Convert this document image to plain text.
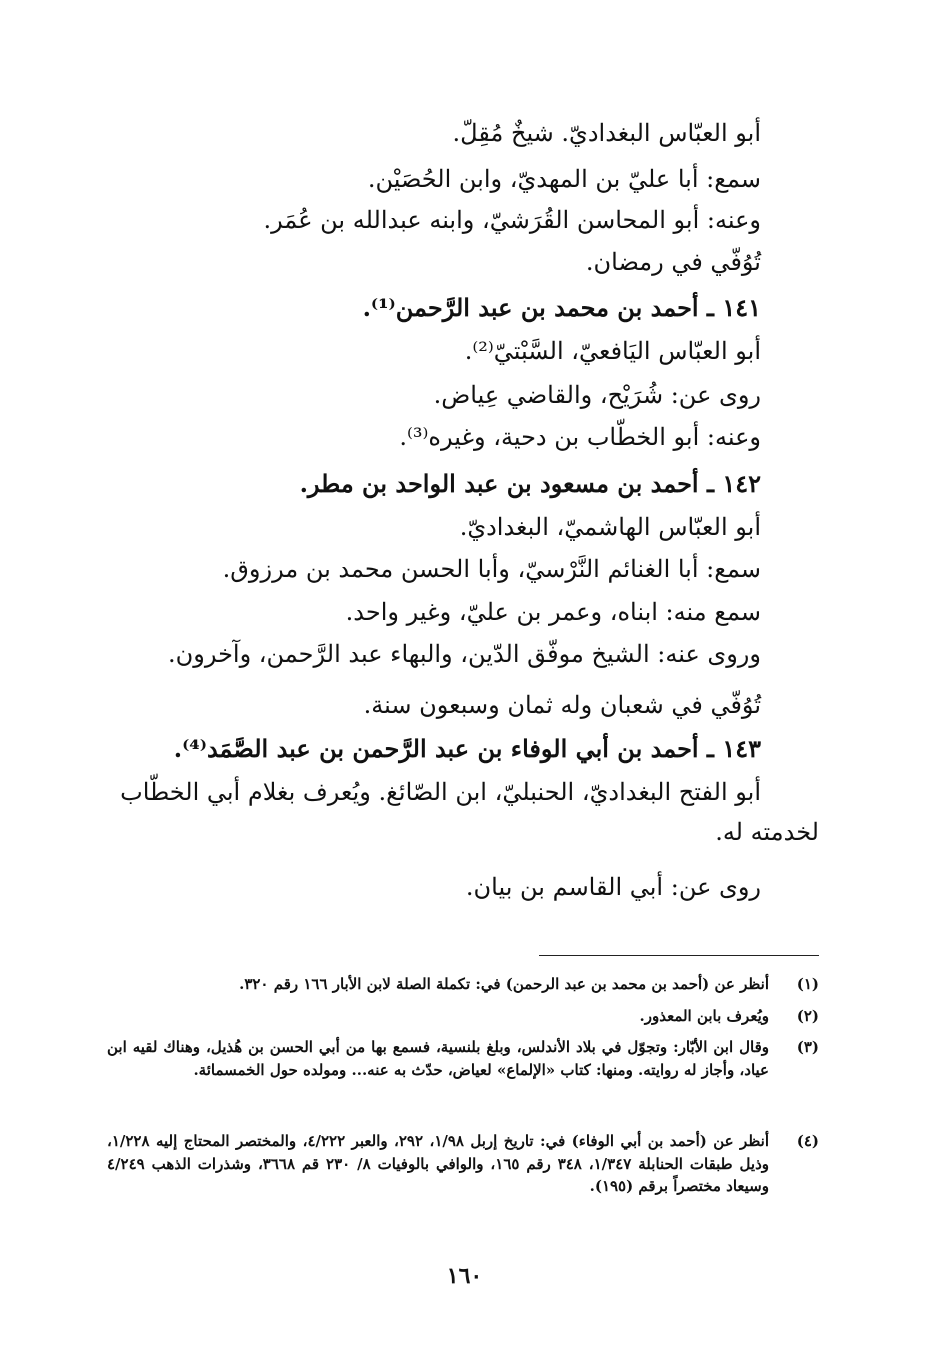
أبو العبّاس البغداديّ. شيخٌ مُقِلّ.
سمع: أبا عليّ بن المهديّ، وابن الحُصَيْن.
وعنه: أبو المحاسن القُرَشيّ، وابنه عبدالله بن عُمَر.
تُوُفّي في رمضان.
١٤١ ـ أحمد بن محمد بن عبد الرَّحمن⁽¹⁾.
أبو العبّاس اليَافعيّ، السَّبْتيّ⁽²⁾.
روى عن: شُرَيْح، والقاضي عِياض.
وعنه: أبو الخطّاب بن دحية، وغيره⁽³⁾.
١٤٢ ـ أحمد بن مسعود بن عبد الواحد بن مطر.
أبو العبّاس الهاشميّ، البغداديّ.
سمع: أبا الغنائم النَّرْسيّ، وأبا الحسن محمد بن مرزوق.
سمع منه: ابناه، وعمر بن عليّ، وغير واحد.
وروى عنه: الشيخ موفّق الدّين، والبهاء عبد الرَّحمن، وآخرون.
تُوُفّي في شعبان وله ثمان وسبعون سنة.
١٤٣ ـ أحمد بن أبي الوفاء بن عبد الرَّحمن بن عبد الصَّمَد⁽⁴⁾.
أبو الفتح البغداديّ، الحنبليّ، ابن الصّائغ. ويُعرف بغلام أبي الخطّاب
لخدمته له.
روى عن: أبي القاسم بن بيان.
(١)
أنظر عن (أحمد بن محمد بن عبد الرحمن) في: تكملة الصلة لابن الأبار ١٦٦ رقم ٣٢٠.
(٢)
ويُعرف بابن المعذور.
(٣)
وقال ابن الأبّار: وتجوّل في بلاد الأندلس، وبلغ بلنسية، فسمع بها من أبي الحسن بن هُذيل، وهناك لقيه ابن عياد، وأجاز له روايته. ومنها: كتاب «الإلماع» لعياض، حدّث به عنه... ومولده حول الخمسمائة.
(٤)
أنظر عن (أحمد بن أبي الوفاء) في: تاريخ إربل ١/٩٨، ٢٩٢، والعبر ٤/٢٢٢، والمختصر المحتاج إليه ١/٢٢٨، وذيل طبقات الحنابلة ١/٣٤٧، ٣٤٨ رقم ١٦٥، والوافي بالوفيات ٨/ ٢٣٠ قم ٣٦٦٨، وشذرات الذهب ٤/٢٤٩ وسيعاد مختصراً برقم (١٩٥).
١٦٠
